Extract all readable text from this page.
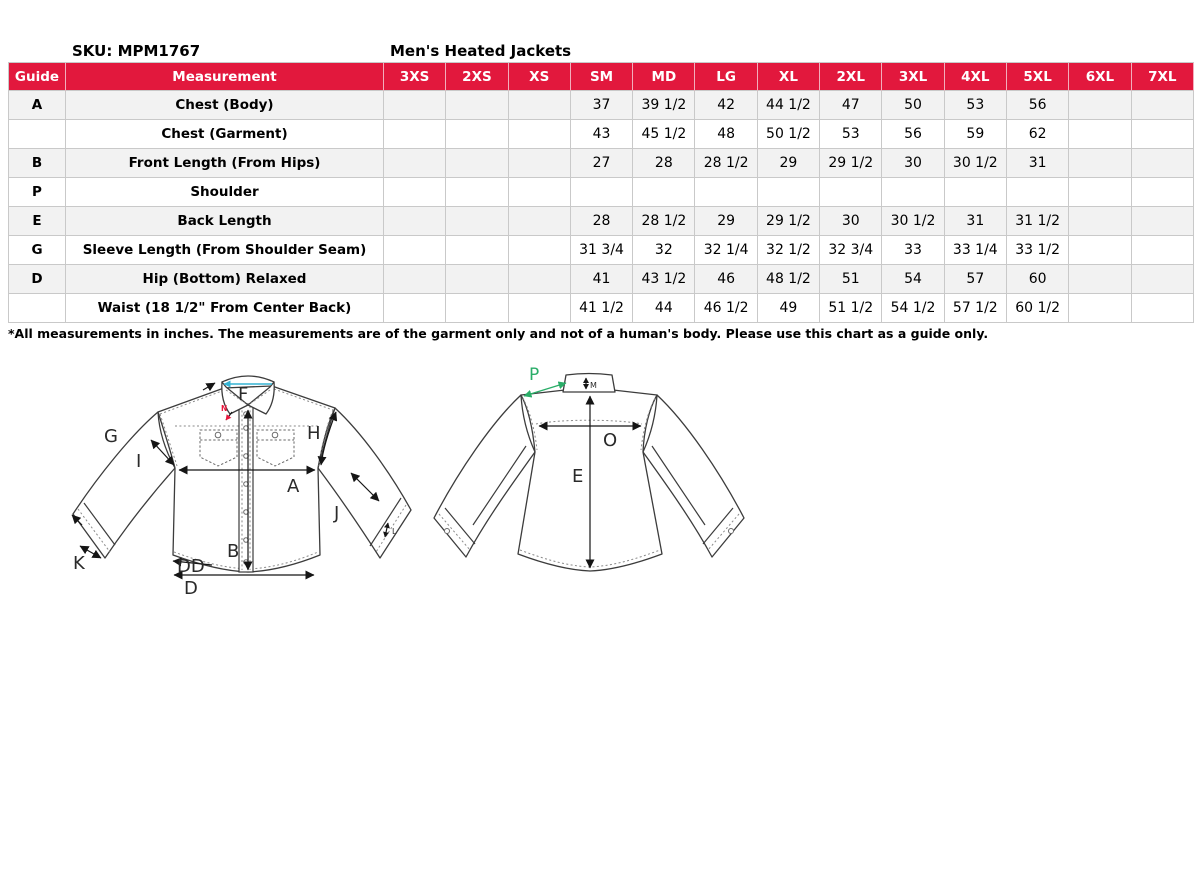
SKU: MPM1767	Men's Heated Jackets
Guide	Measurement	3XS	2XS	XS	SM	MD	LG	XL	2XL	3XL	4XL	5XL	6XL	7XL
A	Chest (Body)				37	39 1/2	42	44 1/2	47	50	53	56		
	Chest (Garment)				43	45 1/2	48	50 1/2	53	56	59	62		
B	Front Length (From Hips)				27	28	28 1/2	29	29 1/2	30	30 1/2	31		
P	Shoulder													
E	Back Length				28	28 1/2	29	29 1/2	30	30 1/2	31	31 1/2		
G	Sleeve Length (From Shoulder Seam)				31 3/4	32	32 1/4	32 1/2	32 3/4	33	33 1/4	33 1/2		
D	Hip (Bottom) Relaxed				41	43 1/2	46	48 1/2	51	54	57	60		
	Waist (18 1/2" From Center Back)				41 1/2	44	46 1/2	49	51 1/2	54 1/2	57 1/2	60 1/2		
*All measurements in inches. The measurements are of the garment only and not of a human's body. Please use this chart as a guide only.
F
N
G
I
H
A
J
B
K	DD
D
L
P
M
O
E
